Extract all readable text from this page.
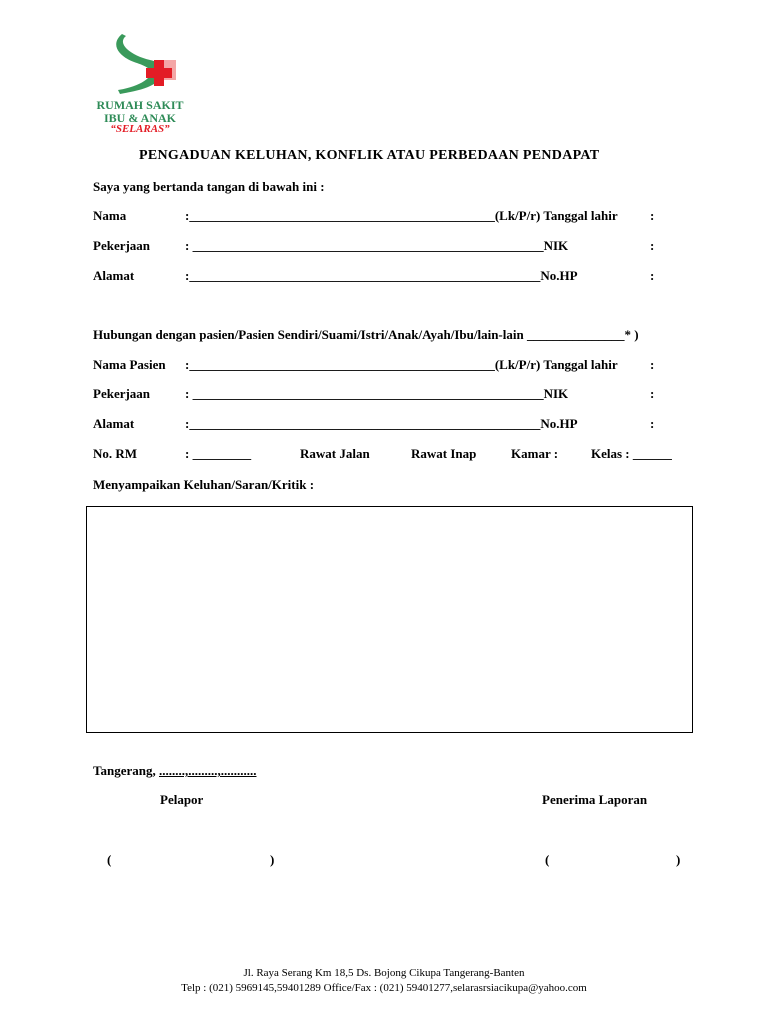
RUMAH SAKIT
IBU & ANAK
“SELARAS”
PENGADUAN KELUHAN, KONFLIK ATAU PERBEDAAN PENDAPAT
Saya yang bertanda tangan di bawah ini :
Nama	:_______________________________________________(Lk/P/r) Tanggal lahir :
Pekerjaan	: ______________________________________________________NIK	:
Alamat	:______________________________________________________No.HP	:
Hubungan dengan pasien/Pasien Sendiri/Suami/Istri/Anak/Ayah/Ibu/lain-lain _______________* )
Nama Pasien :_______________________________________________(Lk/P/r) Tanggal lahir :
Pekerjaan	: ______________________________________________________NIK	:
Alamat	:______________________________________________________No.HP	:
No. RM	: _________	Rawat Jalan	Rawat Inap	Kamar :	Kelas : ______
Menyampaikan Keluhan/Saran/Kritik :
Tangerang, ........,.........,...........
Pelapor	Penerima Laporan
(	)	(	)
Jl. Raya Serang Km 18,5 Ds. Bojong Cikupa Tangerang-Banten
Telp : (021) 5969145,59401289 Office/Fax : (021) 59401277,selarasrsiacikupa@yahoo.com
